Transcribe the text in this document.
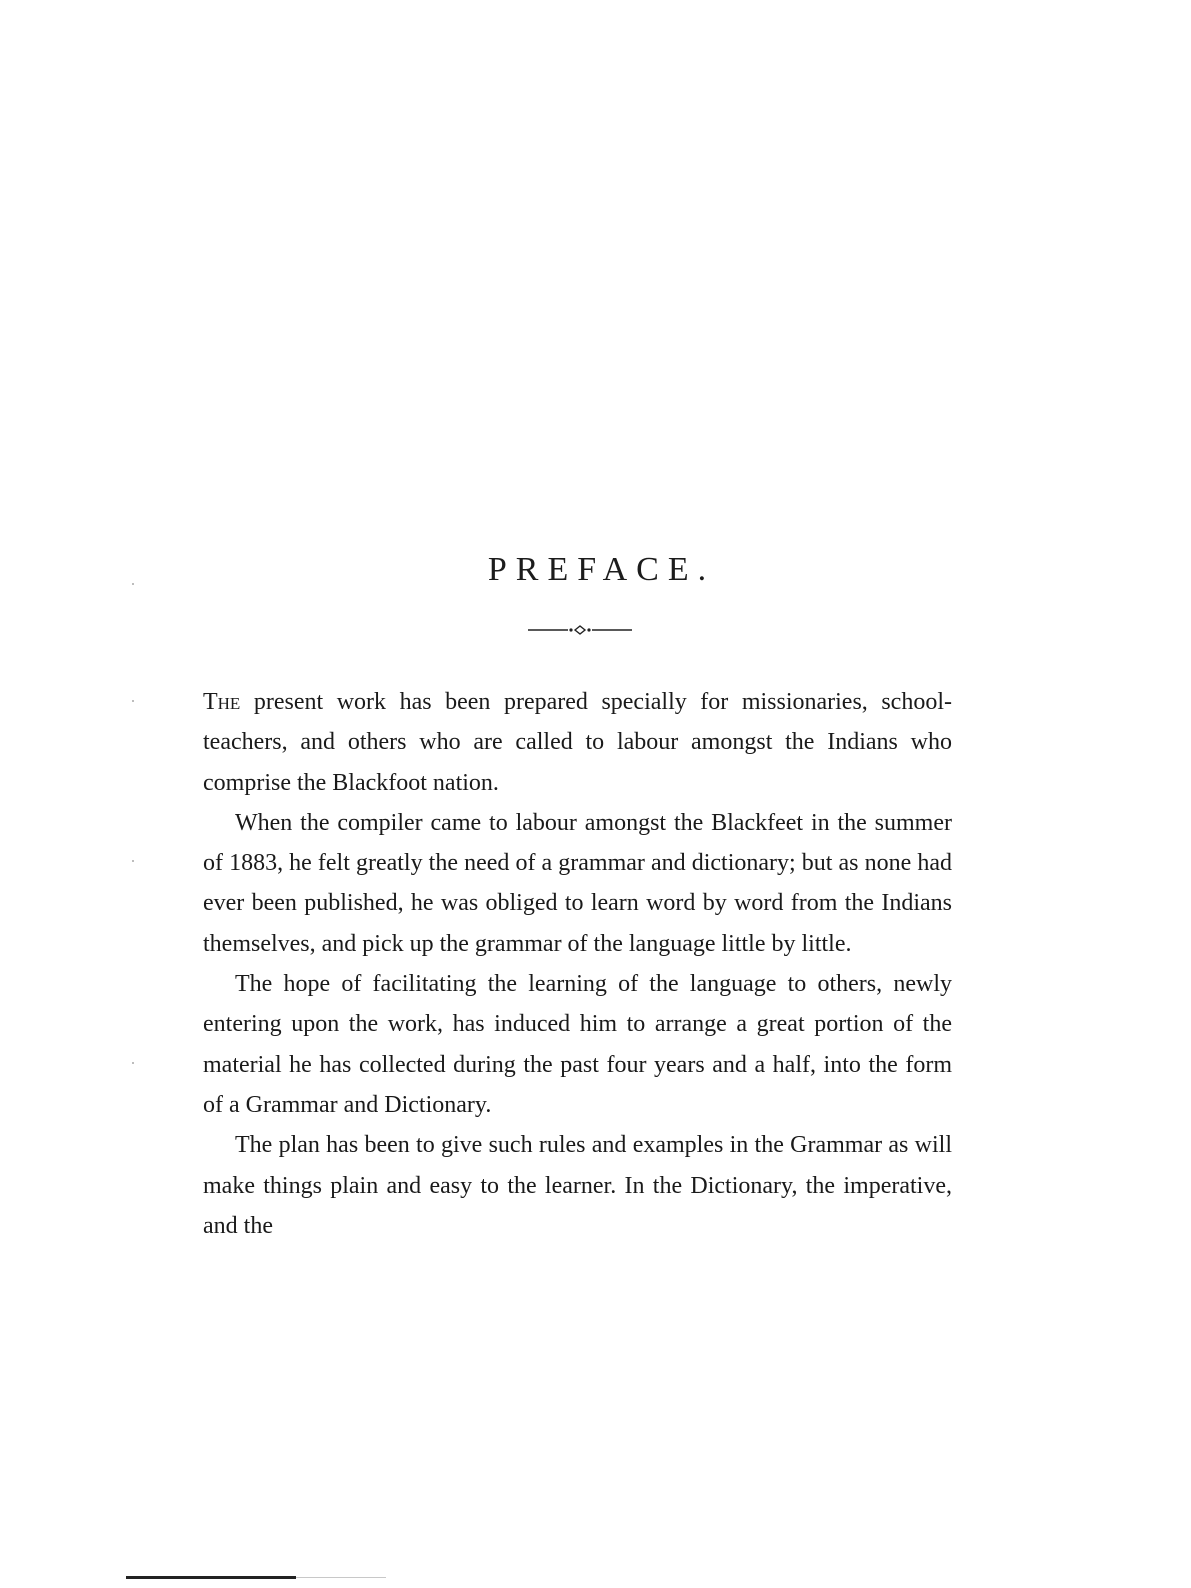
PREFACE.

The present work has been prepared specially for missionaries, school-teachers, and others who are called to labour amongst the Indians who comprise the Blackfoot nation.

When the compiler came to labour amongst the Blackfeet in the summer of 1883, he felt greatly the need of a grammar and dictionary; but as none had ever been published, he was obliged to learn word by word from the Indians themselves, and pick up the grammar of the language little by little.

The hope of facilitating the learning of the language to others, newly entering upon the work, has induced him to arrange a great portion of the material he has collected during the past four years and a half, into the form of a Grammar and Dictionary.

The plan has been to give such rules and examples in the Grammar as will make things plain and easy to the learner. In the Dictionary, the imperative, and the
